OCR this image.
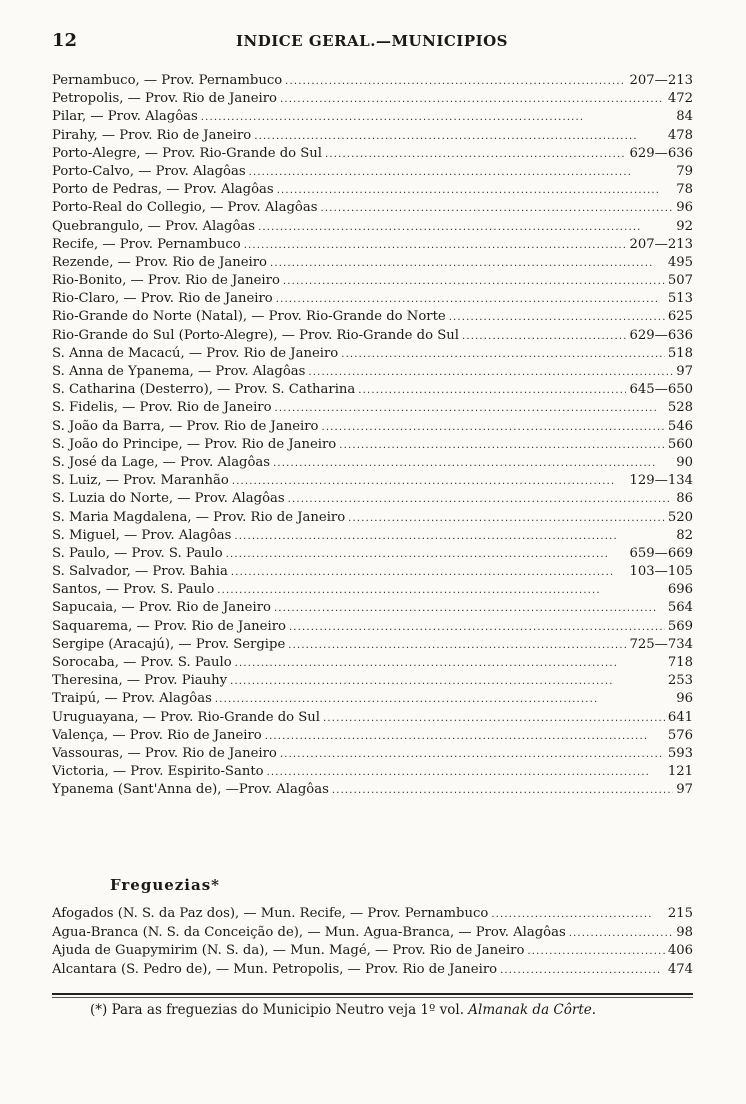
12	INDICE GERAL.—MUNICIPIOS
Pernambuco, — Prov. Pernambuco . . .	207—213
Petropolis, — Prov. Rio de Janeiro . . .	472
Pilar, — Prov. Alagôas . . .	84
Pirahy, — Prov. Rio de Janeiro . . .	478
Porto-Alegre, — Prov. Rio-Grande do Sul . . .	629—636
Porto-Calvo, — Prov. Alagôas . . .	79
Porto de Pedras, — Prov. Alagôas . . .	78
Porto-Real do Collegio, — Prov. Alagôas . . .	96
Quebrangulo, — Prov. Alagôas . . .	92
Recife, — Prov. Pernambuco . . .	207—213
Rezende, — Prov. Rio de Janeiro . . .	495
Rio-Bonito, — Prov. Rio de Janeiro . . .	507
Rio-Claro, — Prov. Rio de Janeiro . . .	513
Rio-Grande do Norte (Natal), — Prov. Rio-Grande do Norte . . .	625
Rio-Grande do Sul (Porto-Alegre), — Prov. Rio-Grande do Sul . . .	629—636
S. Anna de Macacú, — Prov. Rio de Janeiro . . .	518
S. Anna de Ypanema, — Prov. Alagôas . . .	97
S. Catharina (Desterro), — Prov. S. Catharina . . .	645—650
S. Fidelis, — Prov. Rio de Janeiro . . .	528
S. João da Barra, — Prov. Rio de Janeiro . . .	546
S. João do Principe, — Prov. Rio de Janeiro . . .	560
S. José da Lage, — Prov. Alagôas . . .	90
S. Luiz, — Prov. Maranhão . . .	129—134
S. Luzia do Norte, — Prov. Alagôas . . .	86
S. Maria Magdalena, — Prov. Rio de Janeiro . . .	520
S. Miguel, — Prov. Alagôas . . .	82
S. Paulo, — Prov. S. Paulo . . .	659—669
S. Salvador, — Prov. Bahia . . .	103—105
Santos, — Prov. S. Paulo . . .	696
Sapucaia, — Prov. Rio de Janeiro . . .	564
Saquarema, — Prov. Rio de Janeiro . . .	569
Sergipe (Aracajú), — Prov. Sergipe . . .	725—734
Sorocaba, — Prov. S. Paulo . . .	718
Theresina, — Prov. Piauhy . . .	253
Traipú, — Prov. Alagôas . . .	96
Uruguayana, — Prov. Rio-Grande do Sul . . .	641
Valença, — Prov. Rio de Janeiro . . .	576
Vassouras, — Prov. Rio de Janeiro . . .	593
Victoria, — Prov. Espirito-Santo . . .	121
Ypanema (Sant'Anna de), —Prov. Alagôas . . .	97
Freguezias*
Afogados (N. S. da Paz dos), — Mun. Recife, — Prov. Pernambuco . . .	215
Agua-Branca (N. S. da Conceição de), — Mun. Agua-Branca, — Prov. Alagôas . . .	98
Ajuda de Guapymirim (N. S. da), — Mun. Magé, — Prov. Rio de Janeiro . . .	406
Alcantara (S. Pedro de), — Mun. Petropolis, — Prov. Rio de Janeiro . . .	474
(*) Para as freguezias do Municipio Neutro veja 1º vol. Almanak da Côrte.
